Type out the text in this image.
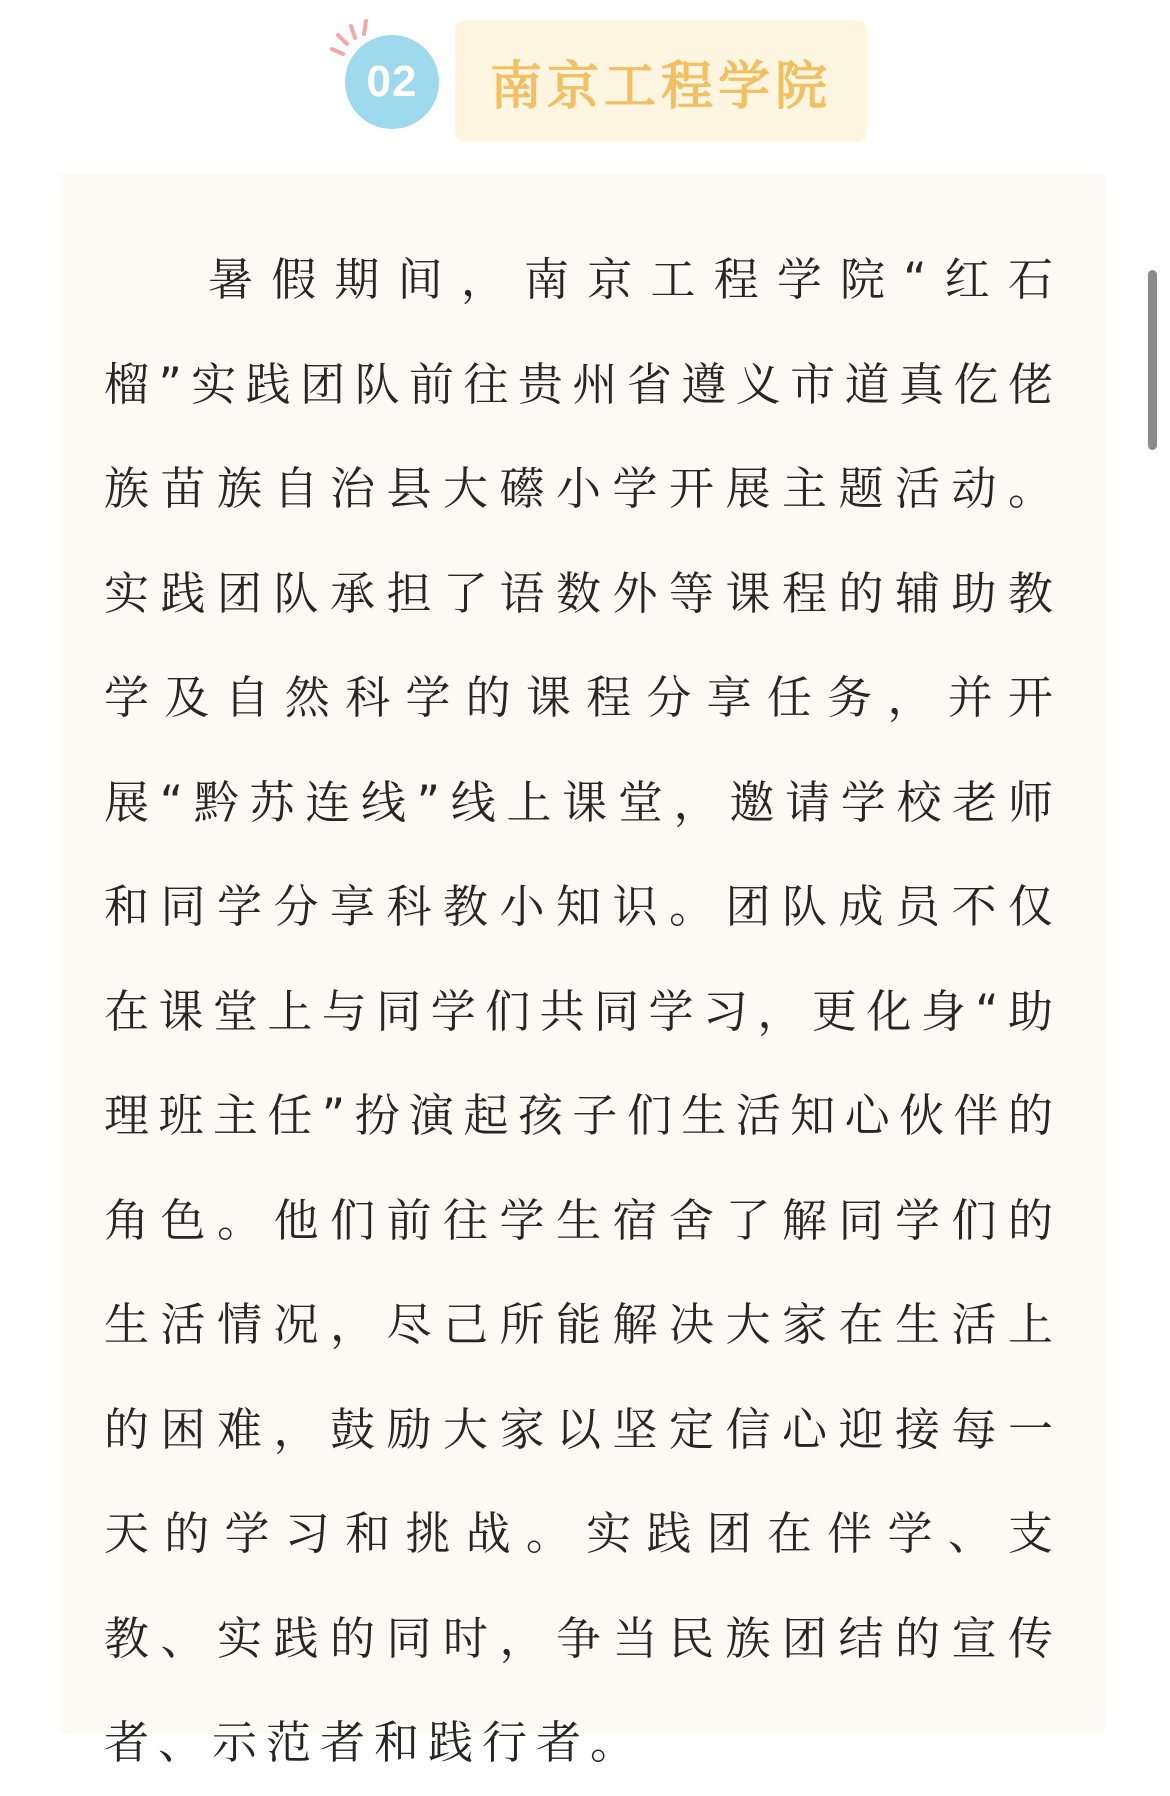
02	南京工程学院

暑假期间，南京工程学院“红石榴”实践团队前往贵州省遵义市道真仡佬族苗族自治县大礤小学开展主题活动。实践团队承担了语数外等课程的辅助教学及自然科学的课程分享任务，并开展“黔苏连线”线上课堂，邀请学校老师和同学分享科教小知识。团队成员不仅在课堂上与同学们共同学习，更化身“助理班主任”扮演起孩子们生活知心伙伴的角色。他们前往学生宿舍了解同学们的生活情况，尽己所能解决大家在生活上的困难，鼓励大家以坚定信心迎接每一天的学习和挑战。实践团在伴学、支教、实践的同时，争当民族团结的宣传者、示范者和践行者。
